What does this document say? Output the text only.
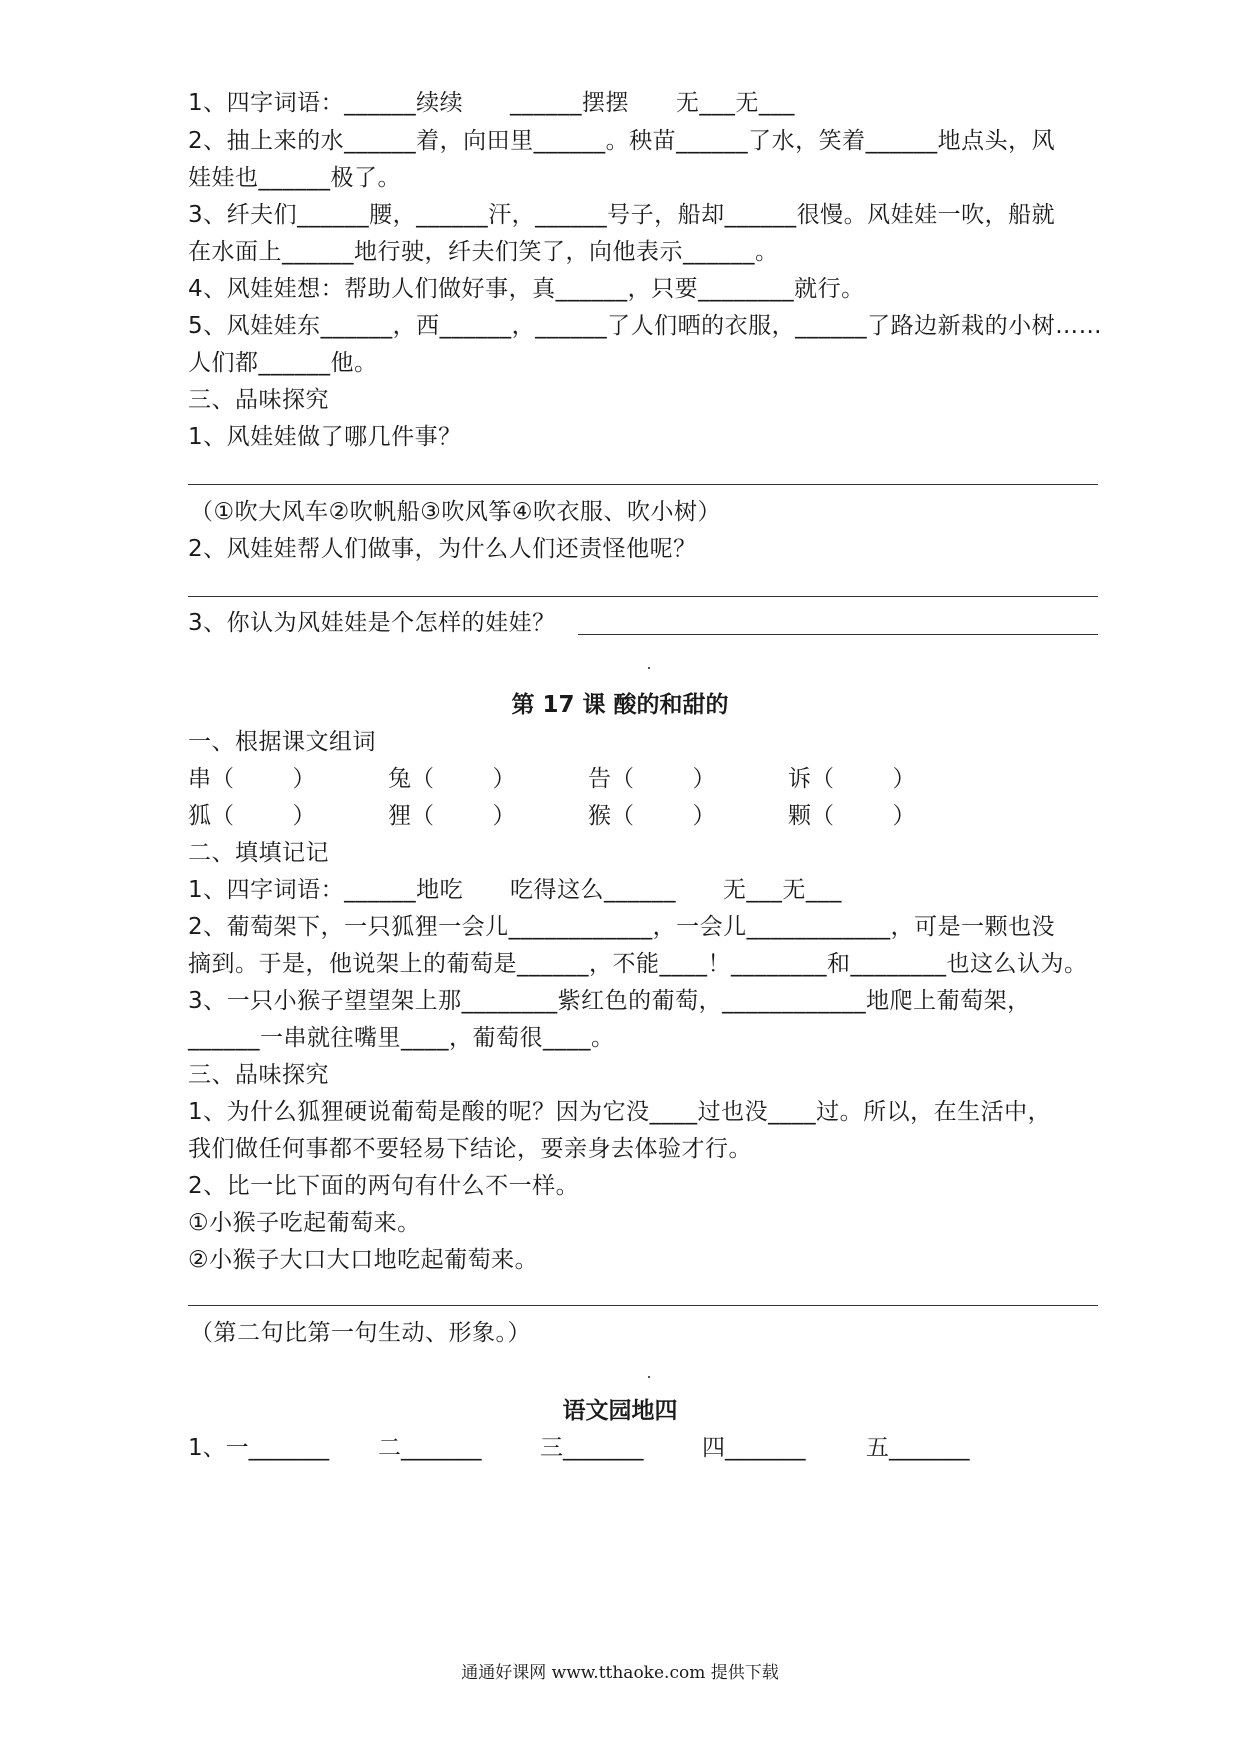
1、四字词语：______续续      ______摆摆      无___无___
2、抽上来的水______着，向田里______。秧苗______了水，笑着______地点头，风
娃娃也______极了。
3、纤夫们______腰，______汗，______号子，船却______很慢。风娃娃一吹，船就
在水面上______地行驶，纤夫们笑了，向他表示______。
4、风娃娃想：帮助人们做好事，真______，只要________就行。
5、风娃娃东______，西______，______了人们晒的衣服，______了路边新栽的小树……
人们都______他。
三、品味探究
1、风娃娃做了哪几件事？
（①吹大风车②吹帆船③吹风筝④吹衣服、吹小树）
2、风娃娃帮人们做事，为什么人们还责怪他呢？
3、你认为风娃娃是个怎样的娃娃？
第 17 课 酸的和甜的
一、根据课文组词
串（        ）	兔（        ）	告（        ）	诉（        ）
狐（        ）	狸（        ）	猴（        ）	颗（        ）
二、填填记记
1、四字词语：______地吃      吃得这么______      无___无___
2、葡萄架下，一只狐狸一会儿____________，一会儿____________，可是一颗也没
摘到。于是，他说架上的葡萄是______，不能____！________和________也这么认为。
3、一只小猴子望望架上那________紫红色的葡萄，____________地爬上葡萄架，
______一串就往嘴里____，葡萄很____。
三、品味探究
1、为什么狐狸硬说葡萄是酸的呢？因为它没____过也没____过。所以，在生活中，
我们做任何事都不要轻易下结论，要亲身去体验才行。
2、比一比下面的两句有什么不一样。
①小猴子吃起葡萄来。
②小猴子大口大口地吃起葡萄来。
（第二句比第一句生动、形象。）
语文园地四
1、一_______ 二_______	三_______	四_______	五_______
通通好课网 www.tthaoke.com 提供下载
